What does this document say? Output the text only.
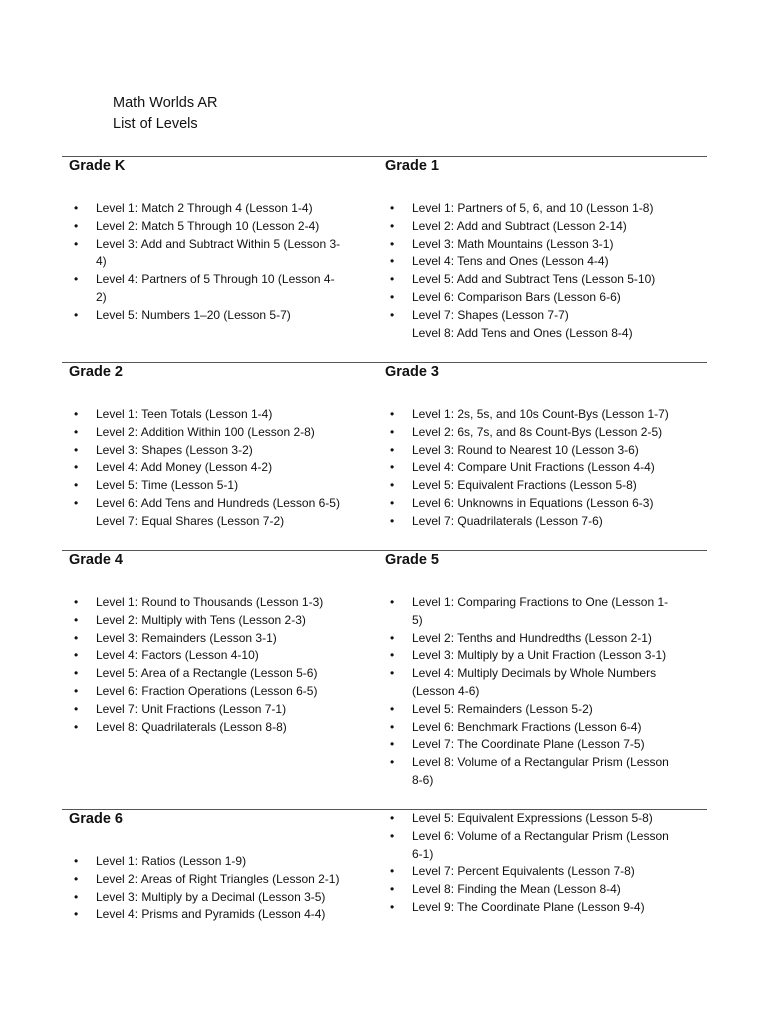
Math Worlds AR
List of Levels
Grade K
• Level 1: Match 2 Through 4 (Lesson 1-4)
• Level 2: Match 5 Through 10 (Lesson 2-4)
• Level 3: Add and Subtract Within 5 (Lesson 3-4)
• Level 4: Partners of 5 Through 10 (Lesson 4-2)
• Level 5: Numbers 1–20 (Lesson 5-7)
Grade 1
• Level 1: Partners of 5, 6, and 10 (Lesson 1-8)
• Level 2: Add and Subtract (Lesson 2-14)
• Level 3: Math Mountains (Lesson 3-1)
• Level 4: Tens and Ones (Lesson 4-4)
• Level 5: Add and Subtract Tens (Lesson 5-10)
• Level 6: Comparison Bars (Lesson 6-6)
• Level 7: Shapes (Lesson 7-7)
Level 8: Add Tens and Ones (Lesson 8-4)
Grade 2
• Level 1: Teen Totals (Lesson 1-4)
• Level 2: Addition Within 100 (Lesson 2-8)
• Level 3: Shapes (Lesson 3-2)
• Level 4: Add Money (Lesson 4-2)
• Level 5: Time (Lesson 5-1)
• Level 6: Add Tens and Hundreds (Lesson 6-5)
Level 7: Equal Shares (Lesson 7-2)
Grade 3
• Level 1: 2s, 5s, and 10s Count-Bys (Lesson 1-7)
• Level 2: 6s, 7s, and 8s Count-Bys (Lesson 2-5)
• Level 3: Round to Nearest 10 (Lesson 3-6)
• Level 4: Compare Unit Fractions (Lesson 4-4)
• Level 5: Equivalent Fractions (Lesson 5-8)
• Level 6: Unknowns in Equations (Lesson 6-3)
• Level 7: Quadrilaterals (Lesson 7-6)
Grade 4
• Level 1: Round to Thousands (Lesson 1-3)
• Level 2: Multiply with Tens (Lesson 2-3)
• Level 3: Remainders (Lesson 3-1)
• Level 4: Factors (Lesson 4-10)
• Level 5: Area of a Rectangle (Lesson 5-6)
• Level 6: Fraction Operations (Lesson 6-5)
• Level 7: Unit Fractions (Lesson 7-1)
• Level 8: Quadrilaterals (Lesson 8-8)
Grade 5
• Level 1: Comparing Fractions to One (Lesson 1-5)
• Level 2: Tenths and Hundredths (Lesson 2-1)
• Level 3: Multiply by a Unit Fraction (Lesson 3-1)
• Level 4: Multiply Decimals by Whole Numbers (Lesson 4-6)
• Level 5: Remainders (Lesson 5-2)
• Level 6: Benchmark Fractions (Lesson 6-4)
• Level 7: The Coordinate Plane (Lesson 7-5)
• Level 8: Volume of a Rectangular Prism (Lesson 8-6)
Grade 6
• Level 1: Ratios (Lesson 1-9)
• Level 2: Areas of Right Triangles (Lesson 2-1)
• Level 3: Multiply by a Decimal (Lesson 3-5)
• Level 4: Prisms and Pyramids (Lesson 4-4)
• Level 5: Equivalent Expressions (Lesson 5-8)
• Level 6: Volume of a Rectangular Prism (Lesson 6-1)
• Level 7: Percent Equivalents (Lesson 7-8)
• Level 8: Finding the Mean (Lesson 8-4)
• Level 9: The Coordinate Plane (Lesson 9-4)
